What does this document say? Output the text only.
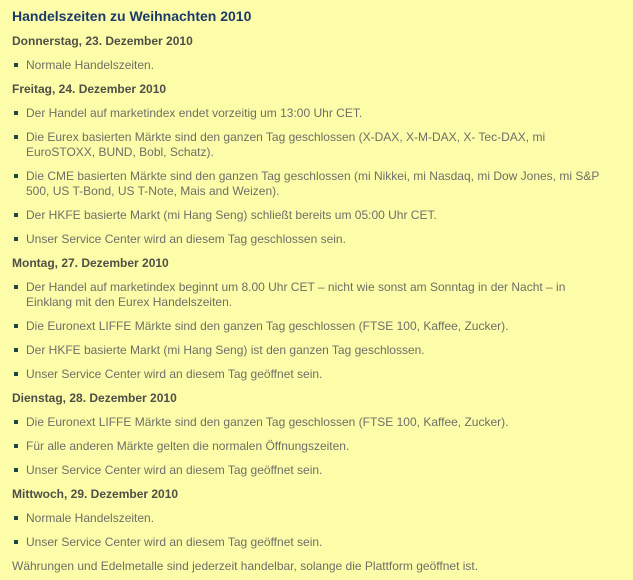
Handelszeiten zu Weihnachten 2010
Donnerstag, 23. Dezember 2010
Normale Handelszeiten.
Freitag, 24. Dezember 2010
Der Handel auf marketindex endet vorzeitig um 13:00 Uhr CET.
Die Eurex basierten Märkte sind den ganzen Tag geschlossen (X-DAX, X-M-DAX, X- Tec-DAX, mi EuroSTOXX, BUND, Bobl, Schatz).
Die CME basierten Märkte sind den ganzen Tag geschlossen (mi Nikkei, mi Nasdaq, mi Dow Jones, mi S&P 500, US T-Bond, US T-Note, Mais and Weizen).
Der HKFE basierte Markt (mi Hang Seng) schließt bereits um 05:00 Uhr CET.
Unser Service Center wird an diesem Tag geschlossen sein.
Montag, 27. Dezember 2010
Der Handel auf marketindex beginnt um 8.00 Uhr CET – nicht wie sonst am Sonntag in der Nacht – in Einklang mit den Eurex Handelszeiten.
Die Euronext LIFFE Märkte sind den ganzen Tag geschlossen (FTSE 100, Kaffee, Zucker).
Der HKFE basierte Markt (mi Hang Seng) ist den ganzen Tag geschlossen.
Unser Service Center wird an diesem Tag geöffnet sein.
Dienstag, 28. Dezember 2010
Die Euronext LIFFE Märkte sind den ganzen Tag geschlossen (FTSE 100, Kaffee, Zucker).
Für alle anderen Märkte gelten die normalen Öffnungszeiten.
Unser Service Center wird an diesem Tag geöffnet sein.
Mittwoch, 29. Dezember 2010
Normale Handelszeiten.
Unser Service Center wird an diesem Tag geöffnet sein.

Währungen und Edelmetalle sind jederzeit handelbar, solange die Plattform geöffnet ist.
